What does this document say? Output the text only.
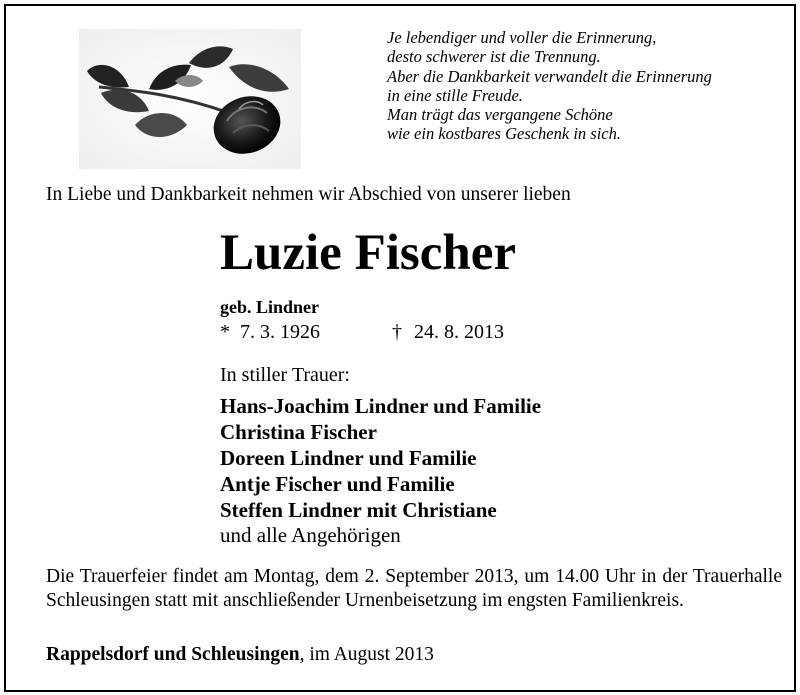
Je lebendiger und voller die Erinnerung,
desto schwerer ist die Trennung.
Aber die Dankbarkeit verwandelt die Erinnerung
in eine stille Freude.
Man trägt das vergangene Schöne
wie ein kostbares Geschenk in sich.
In Liebe und Dankbarkeit nehmen wir Abschied von unserer lieben
Luzie Fischer
geb. Lindner
* 7. 3. 1926	† 24. 8. 2013
In stiller Trauer:
Hans-Joachim Lindner und Familie
Christina Fischer
Doreen Lindner und Familie
Antje Fischer und Familie
Steffen Lindner mit Christiane
und alle Angehörigen
Die Trauerfeier findet am Montag, dem 2. September 2013, um 14.00 Uhr in der Trauerhalle Schleusingen statt mit anschließender Urnenbeisetzung im engsten Familienkreis.
Rappelsdorf und Schleusingen, im August 2013
